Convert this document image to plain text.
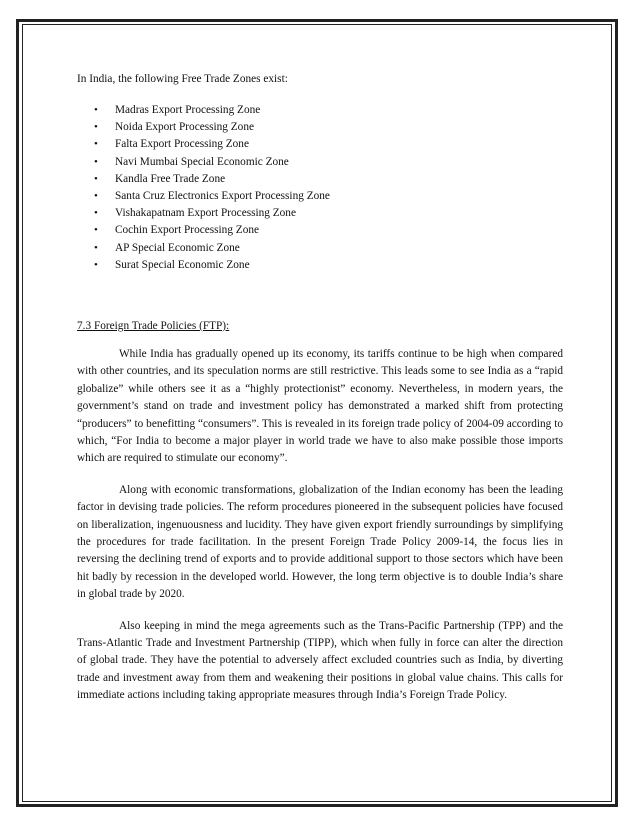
In India, the following Free Trade Zones exist:

• Madras Export Processing Zone
• Noida Export Processing Zone
• Falta Export Processing Zone
• Navi Mumbai Special Economic Zone
• Kandla Free Trade Zone
• Santa Cruz Electronics Export Processing Zone
• Vishakapatnam Export Processing Zone
• Cochin Export Processing Zone
• AP Special Economic Zone
• Surat Special Economic Zone

7.3 Foreign Trade Policies (FTP):

While India has gradually opened up its economy, its tariffs continue to be high when compared with other countries, and its speculation norms are still restrictive. This leads some to see India as a “rapid globalize” while others see it as a “highly protectionist” economy. Nevertheless, in modern years, the government’s stand on trade and investment policy has demonstrated a marked shift from protecting “producers” to benefitting “consumers”. This is revealed in its foreign trade policy of 2004-09 according to which, “For India to become a major player in world trade we have to also make possible those imports which are required to stimulate our economy”.

Along with economic transformations, globalization of the Indian economy has been the leading factor in devising trade policies. The reform procedures pioneered in the subsequent policies have focused on liberalization, ingenuousness and lucidity. They have given export friendly surroundings by simplifying the procedures for trade facilitation. In the present Foreign Trade Policy 2009-14, the focus lies in reversing the declining trend of exports and to provide additional support to those sectors which have been hit badly by recession in the developed world. However, the long term objective is to double India’s share in global trade by 2020.

Also keeping in mind the mega agreements such as the Trans-Pacific Partnership (TPP) and the Trans-Atlantic Trade and Investment Partnership (TIPP), which when fully in force can alter the direction of global trade. They have the potential to adversely affect excluded countries such as India, by diverting trade and investment away from them and weakening their positions in global value chains. This calls for immediate actions including taking appropriate measures through India’s Foreign Trade Policy.
